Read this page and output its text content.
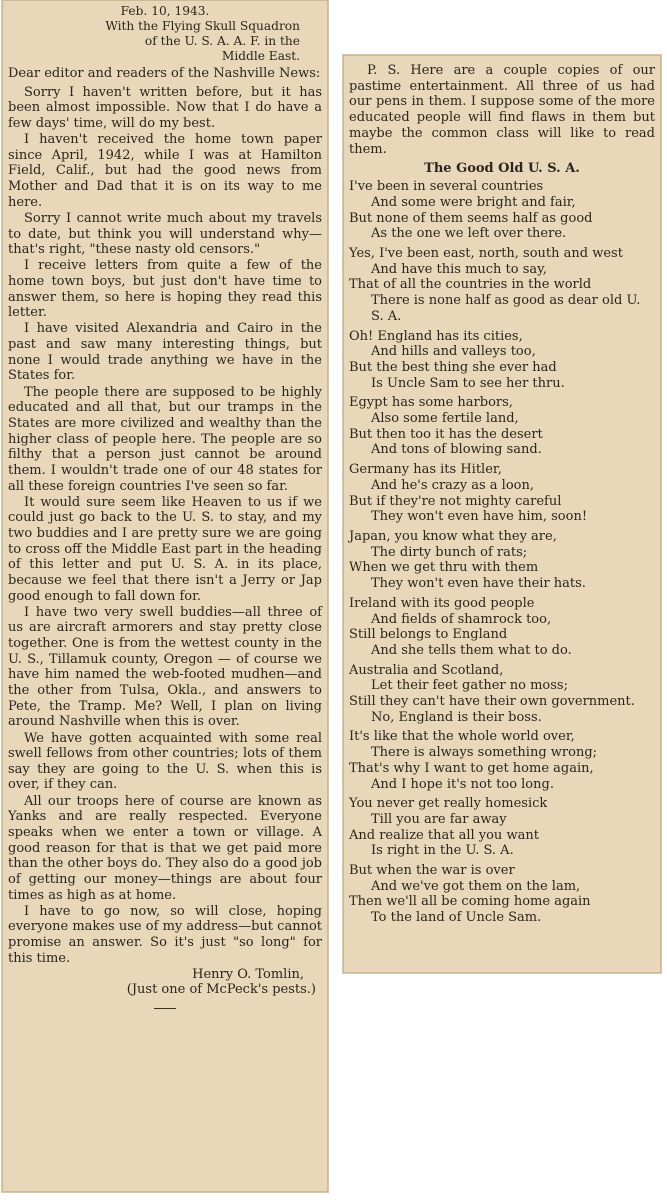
Feb. 10, 1943.

With the Flying Skull Squadron

of the U. S. A. A. F. in the

Middle East.

Dear editor and readers of the Nashville News:

Sorry I haven't written before, but it has been almost impossible. Now that I do have a few days' time, will do my best.

I haven't received the home town paper since April, 1942, while I was at Hamilton Field, Calif., but had the good news from Mother and Dad that it is on its way to me here.

Sorry I cannot write much about my travels to date, but think you will understand why—that's right, "these nasty old censors."

I receive letters from quite a few of the home town boys, but just don't have time to answer them, so here is hoping they read this letter.

I have visited Alexandria and Cairo in the past and saw many interesting things, but none I would trade anything we have in the States for.

The people there are supposed to be highly educated and all that, but our tramps in the States are more civilized and wealthy than the higher class of people here. The people are so filthy that a person just cannot be around them. I wouldn't trade one of our 48 states for all these foreign countries I've seen so far.

It would sure seem like Heaven to us if we could just go back to the U. S. to stay, and my two buddies and I are pretty sure we are going to cross off the Middle East part in the heading of this letter and put U. S. A. in its place, because we feel that there isn't a Jerry or Jap good enough to fall down for.

I have two very swell buddies—all three of us are aircraft armorers and stay pretty close together. One is from the wettest county in the U. S., Tillamuk county, Oregon — of course we have him named the web-footed mudhen—and the other from Tulsa, Okla., and answers to Pete, the Tramp. Me? Well, I plan on living around Nashville when this is over.

We have gotten acquainted with some real swell fellows from other countries; lots of them say they are going to the U. S. when this is over, if they can.

All our troops here of course are known as Yanks and are really respected. Everyone speaks when we enter a town or village. A good reason for that is that we get paid more than the other boys do. They also do a good job of getting our money—things are about four times as high as at home.

I have to go now, so will close, hoping everyone makes use of my address—but cannot promise an answer. So it's just "so long" for this time.

Henry O. Tomlin,

(Just one of McPeck's pests.)

P. S. Here are a couple copies of our pastime entertainment. All three of us had our pens in them. I suppose some of the more educated people will find flaws in them but maybe the common class will like to read them.

The Good Old U. S. A.

I've been in several countries

And some were bright and fair,

But none of them seems half as good

As the one we left over there.

Yes, I've been east, north, south and west

And have this much to say,

That of all the countries in the world

There is none half as good as dear old U. S. A.

Oh! England has its cities,

And hills and valleys too,

But the best thing she ever had

Is Uncle Sam to see her thru.

Egypt has some harbors,

Also some fertile land,

But then too it has the desert

And tons of blowing sand.

Germany has its Hitler,

And he's crazy as a loon,

But if they're not mighty careful

They won't even have him, soon!

Japan, you know what they are,

The dirty bunch of rats;

When we get thru with them

They won't even have their hats.

Ireland with its good people

And fields of shamrock too,

Still belongs to England

And she tells them what to do.

Australia and Scotland,

Let their feet gather no moss;

Still they can't have their own government.

No, England is their boss.

It's like that the whole world over,

There is always something wrong;

That's why I want to get home again,

And I hope it's not too long.

You never get really homesick

Till you are far away

And realize that all you want

Is right in the U. S. A.

But when the war is over

And we've got them on the lam,

Then we'll all be coming home again

To the land of Uncle Sam.
